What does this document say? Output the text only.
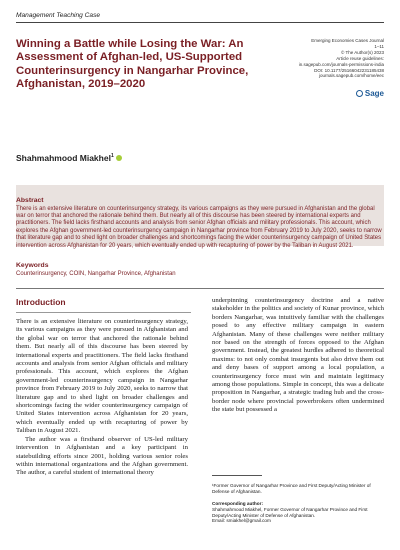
Management Teaching Case
Winning a Battle while Losing the War: An Assessment of Afghan-led, US-Supported Counterinsurgency in Nangarhar Province, Afghanistan, 2019–2020
Emerging Economies Cases Journal
1–11
© The Author(s) 2023
Article reuse guidelines:
in.sagepub.com/journals-permissions-india
DOI: 10.1177/25166042231185438
journals.sagepub.com/home/eec
Sage
Shahmahmood Miakhel$^1$
Abstract
There is an extensive literature on counterinsurgency strategy, its various campaigns as they were pursued in Afghanistan and the global war on terror that anchored the rationale behind them. But nearly all of this discourse has been steered by international experts and practitioners. The field lacks firsthand accounts and analysis from senior Afghan officials and military professionals. This account, which explores the Afghan government-led counterinsurgency campaign in Nangarhar province from February 2019 to July 2020, seeks to narrow that literature gap and to shed light on broader challenges and shortcomings facing the wider counterinsurgency campaign of United States intervention across Afghanistan for 20 years, which eventually ended up with recapturing of power by the Taliban in August 2021.
Keywords
Counterinsurgency, COIN, Nangarhar Province, Afghanistan
Introduction

There is an extensive literature on counterinsurgency strategy, its various campaigns as they were pursued in Afghanistan and the global war on terror that anchored the rationale behind them. But nearly all of this discourse has been steered by international experts and practitioners. The field lacks firsthand accounts and analysis from senior Afghan officials and military professionals. This account, which explores the Afghan government-led counterinsurgency campaign in Nangarhar province from February 2019 to July 2020, seeks to narrow that literature gap and to shed light on broader challenges and shortcomings facing the wider counterinsurgency campaign of United States intervention across Afghanistan for 20 years, which eventually ended up with recapturing of power by Taliban in August 2021.

The author was a firsthand observer of US-led military intervention in Afghanistan and a key participant in statebuilding efforts since 2001, holding various senior roles within international organizations and the Afghan government. The author, a careful student of international theory

underpinning counterinsurgency doctrine and a native stakeholder in the politics and society of Kunar province, which borders Nangarhar, was intuitively familiar with the challenges posed to any effective military campaign in eastern Afghanistan. Many of these challenges were neither military nor based on the strength of forces opposed to the Afghan government. Instead, the greatest hurdles adhered to theoretical maxims: to not only combat insurgents but also drive them out and deny bases of support among a local population, a counterinsurgency force must win and maintain legitimacy among those populations. Simple in concept, this was a delicate proposition in Nangarhar, a strategic trading hub and the cross-border node where provincial powerbrokers often undermined the state but possessed a

¹Former Governor of Nangarhar Province and First Deputy/Acting Minister of Defense of Afghanistan.
Corresponding author:
Shahmahmood Miakhel, Former Governor of Nangarhar Province and First Deputy/Acting Minister of Defense of Afghanistan.
Email: smiakhel@gmail.com
